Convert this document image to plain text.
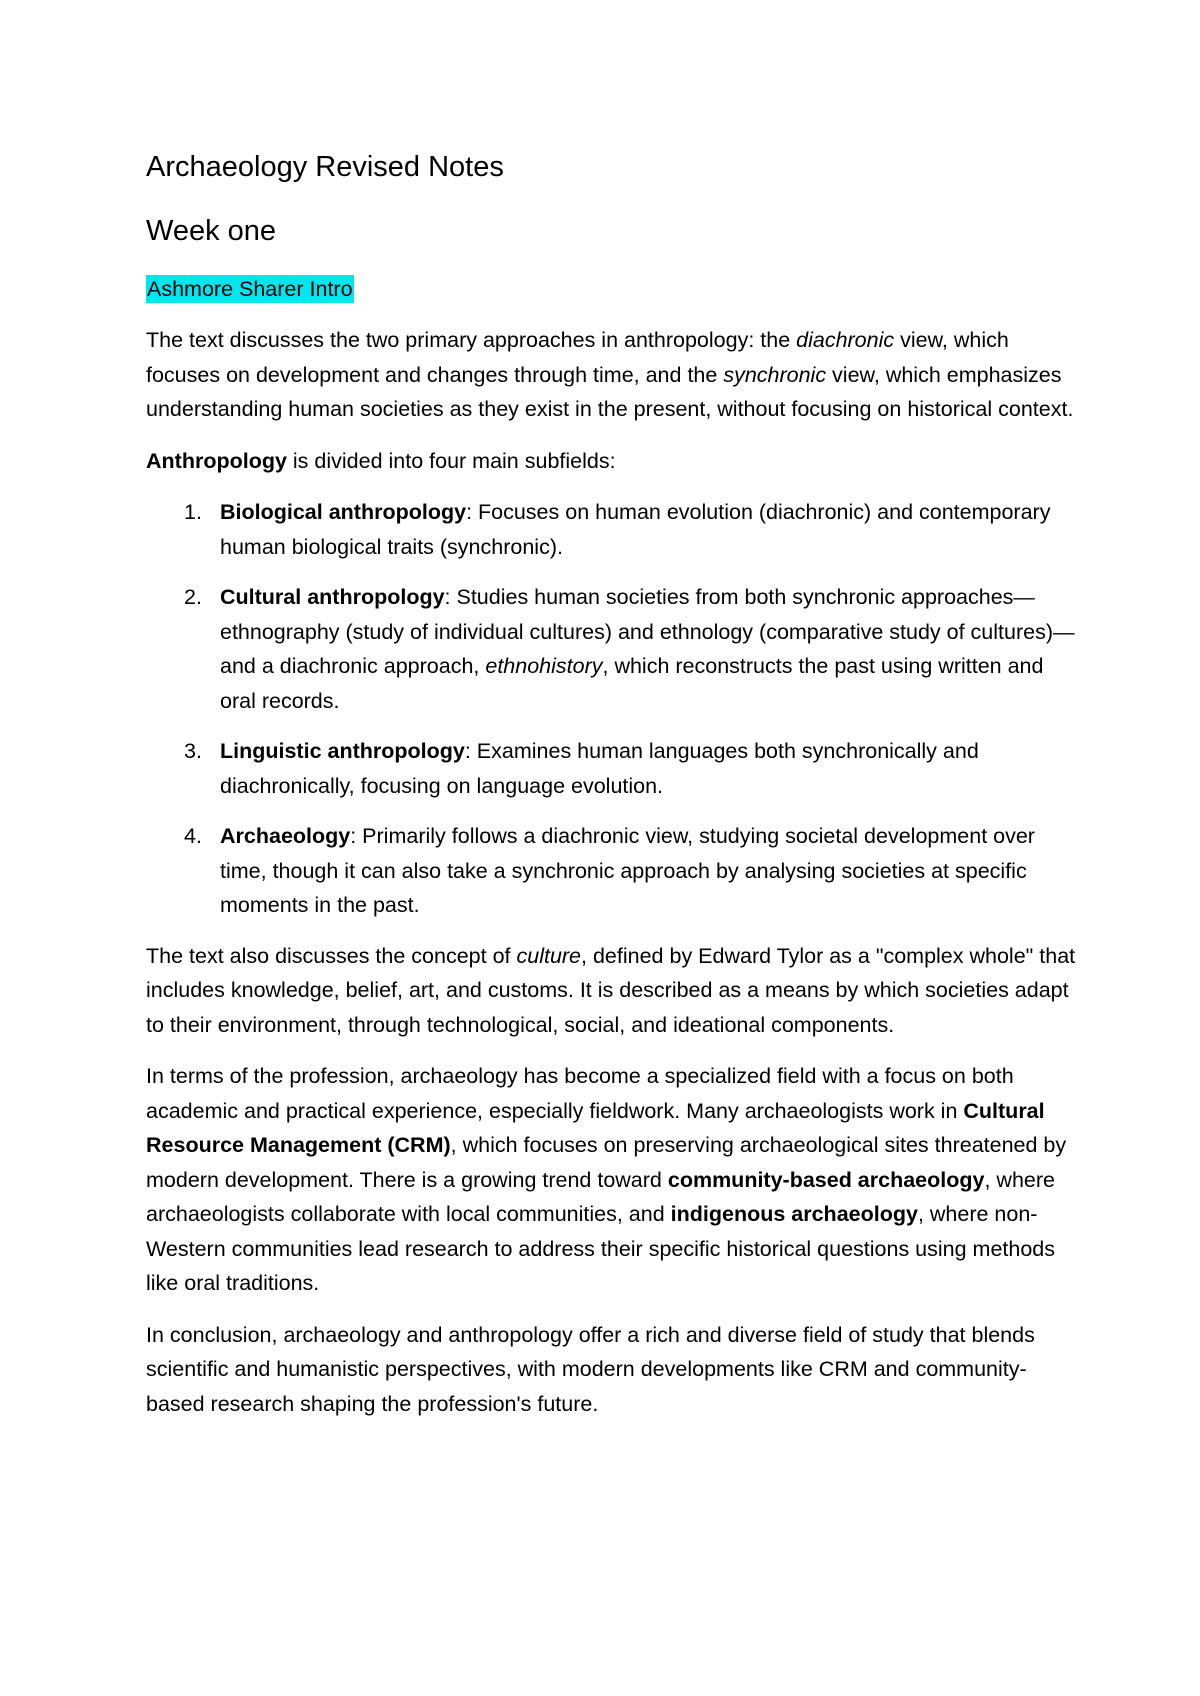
Archaeology Revised Notes
Week one
Ashmore Sharer Intro

The text discusses the two primary approaches in anthropology: the diachronic view, which focuses on development and changes through time, and the synchronic view, which emphasizes understanding human societies as they exist in the present, without focusing on historical context.

Anthropology is divided into four main subfields:

1. Biological anthropology: Focuses on human evolution (diachronic) and contemporary human biological traits (synchronic).
2. Cultural anthropology: Studies human societies from both synchronic approaches— ethnography (study of individual cultures) and ethnology (comparative study of cultures)—and a diachronic approach, ethnohistory, which reconstructs the past using written and oral records.
3. Linguistic anthropology: Examines human languages both synchronically and diachronically, focusing on language evolution.
4. Archaeology: Primarily follows a diachronic view, studying societal development over time, though it can also take a synchronic approach by analysing societies at specific moments in the past.

The text also discusses the concept of culture, defined by Edward Tylor as a "complex whole" that includes knowledge, belief, art, and customs. It is described as a means by which societies adapt to their environment, through technological, social, and ideational components.

In terms of the profession, archaeology has become a specialized field with a focus on both academic and practical experience, especially fieldwork. Many archaeologists work in Cultural Resource Management (CRM), which focuses on preserving archaeological sites threatened by modern development. There is a growing trend toward community-based archaeology, where archaeologists collaborate with local communities, and indigenous archaeology, where non-Western communities lead research to address their specific historical questions using methods like oral traditions.

In conclusion, archaeology and anthropology offer a rich and diverse field of study that blends scientific and humanistic perspectives, with modern developments like CRM and community-based research shaping the profession's future.
